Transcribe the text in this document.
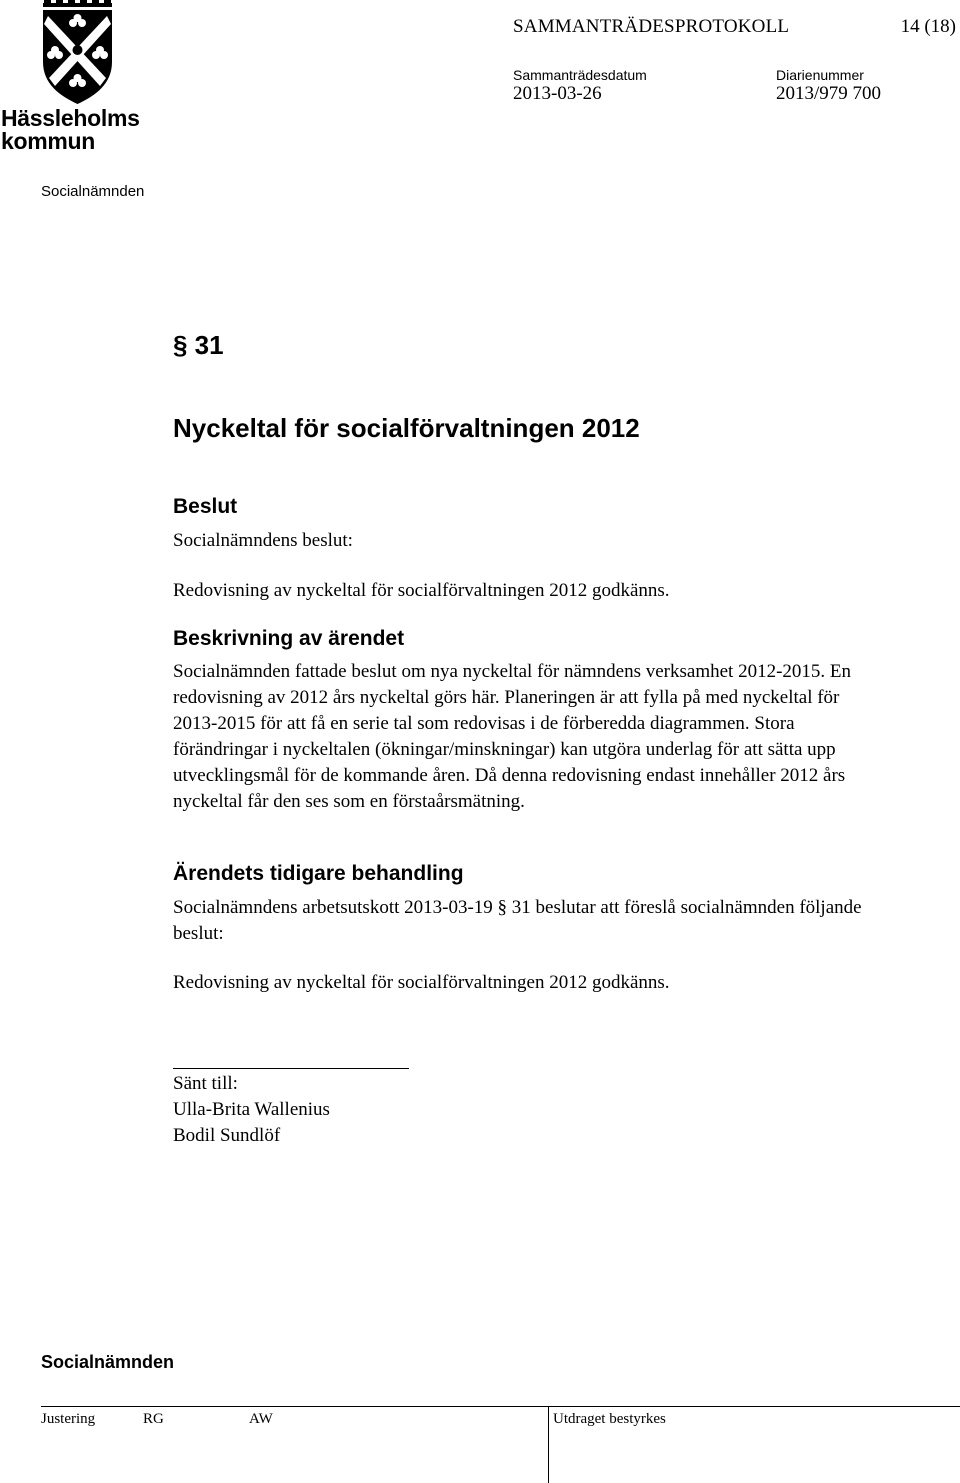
Hässleholms
kommun
SAMMANTRÄDESPROTOKOLL	14 (18)
Sammanträdesdatum
2013-03-26
Diarienummer
2013/979 700
Socialnämnden
§ 31
Nyckeltal för socialförvaltningen 2012
Beslut
Socialnämndens beslut:
Redovisning av nyckeltal för socialförvaltningen 2012 godkänns.
Beskrivning av ärendet
Socialnämnden fattade beslut om nya nyckeltal för nämndens verksamhet 2012-2015. En
redovisning av 2012 års nyckeltal görs här. Planeringen är att fylla på med nyckeltal för
2013-2015 för att få en serie tal som redovisas i de förberedda diagrammen. Stora
förändringar i nyckeltalen (ökningar/minskningar) kan utgöra underlag för att sätta upp
utvecklingsmål för de kommande åren. Då denna redovisning endast innehåller 2012 års
nyckeltal får den ses som en förstaårsmätning.
Ärendets tidigare behandling
Socialnämndens arbetsutskott 2013-03-19 § 31 beslutar att föreslå socialnämnden följande
beslut:
Redovisning av nyckeltal för socialförvaltningen 2012 godkänns.
Sänt till:
Ulla-Brita Wallenius
Bodil Sundlöf
Socialnämnden
Justering	RG	AW	Utdraget bestyrkes
